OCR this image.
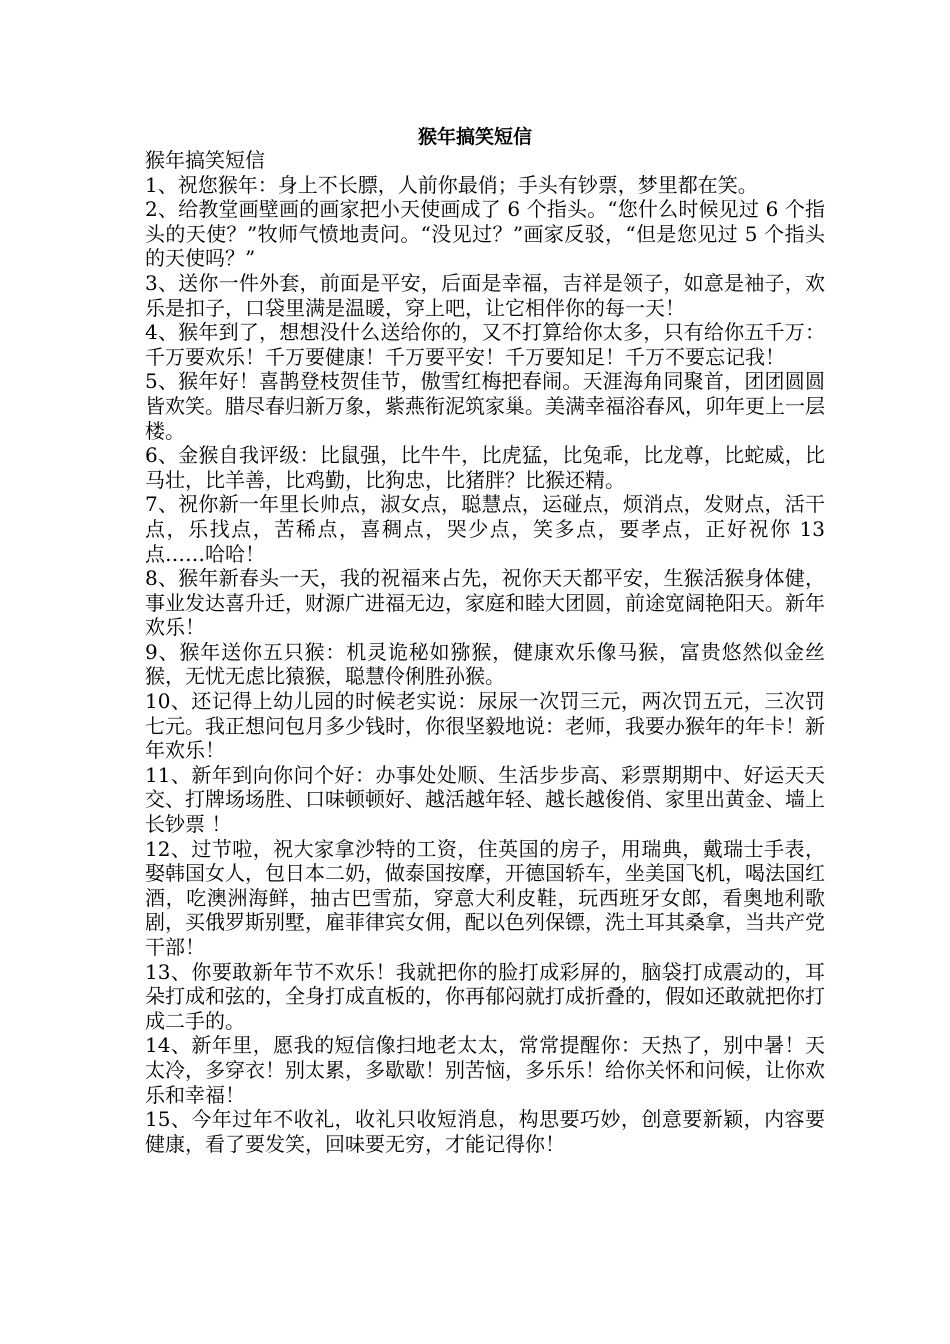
猴年搞笑短信

猴年搞笑短信

1、祝您猴年：身上不长膘，人前你最俏；手头有钞票，梦里都在笑。

2、给教堂画壁画的画家把小天使画成了 6 个指头。“您什么时候见过 6 个指头的天使？”牧师气愤地责问。“没见过？”画家反驳，“但是您见过 5 个指头的天使吗？”

3、送你一件外套，前面是平安，后面是幸福，吉祥是领子，如意是袖子，欢乐是扣子，口袋里满是温暖，穿上吧，让它相伴你的每一天！

4、猴年到了，想想没什么送给你的，又不打算给你太多，只有给你五千万：千万要欢乐！千万要健康！千万要平安！千万要知足！千万不要忘记我！

5、猴年好！喜鹊登枝贺佳节，傲雪红梅把春闹。天涯海角同聚首，团团圆圆皆欢笑。腊尽春归新万象，紫燕衔泥筑家巢。美满幸福浴春风，卯年更上一层楼。

6、金猴自我评级：比鼠强，比牛牛，比虎猛，比兔乖，比龙尊，比蛇威，比马壮，比羊善，比鸡勤，比狗忠，比猪胖？比猴还精。

7、祝你新一年里长帅点，淑女点，聪慧点，运碰点，烦消点，发财点，活干点，乐找点，苦稀点，喜稠点，哭少点，笑多点，要孝点，正好祝你 13 点……哈哈！

8、猴年新春头一天，我的祝福来占先，祝你天天都平安，生猴活猴身体健，事业发达喜升迁，财源广进福无边，家庭和睦大团圆，前途宽阔艳阳天。新年欢乐！

9、猴年送你五只猴：机灵诡秘如猕猴，健康欢乐像马猴，富贵悠然似金丝猴，无忧无虑比猿猴，聪慧伶俐胜孙猴。

10、还记得上幼儿园的时候老实说：尿尿一次罚三元，两次罚五元，三次罚七元。我正想问包月多少钱时，你很坚毅地说：老师，我要办猴年的年卡！新年欢乐！

11、新年到向你问个好：办事处处顺、生活步步高、彩票期期中、好运天天交、打牌场场胜、口味顿顿好、越活越年轻、越长越俊俏、家里出黄金、墙上长钞票 ！

12、过节啦，祝大家拿沙特的工资，住英国的房子，用瑞典，戴瑞士手表，娶韩国女人，包日本二奶，做泰国按摩，开德国轿车，坐美国飞机，喝法国红酒，吃澳洲海鲜，抽古巴雪茄，穿意大利皮鞋，玩西班牙女郎，看奥地利歌剧，买俄罗斯别墅，雇菲律宾女佣，配以色列保镖，洗土耳其桑拿，当共产党干部！

13、你要敢新年节不欢乐！我就把你的脸打成彩屏的，脑袋打成震动的，耳朵打成和弦的，全身打成直板的，你再郁闷就打成折叠的，假如还敢就把你打成二手的。

14、新年里，愿我的短信像扫地老太太，常常提醒你：天热了，别中暑！天太冷，多穿衣！别太累，多歇歇！别苦恼，多乐乐！给你关怀和问候，让你欢乐和幸福！

15、今年过年不收礼，收礼只收短消息，构思要巧妙，创意要新颖，内容要健康，看了要发笑，回味要无穷，才能记得你！
